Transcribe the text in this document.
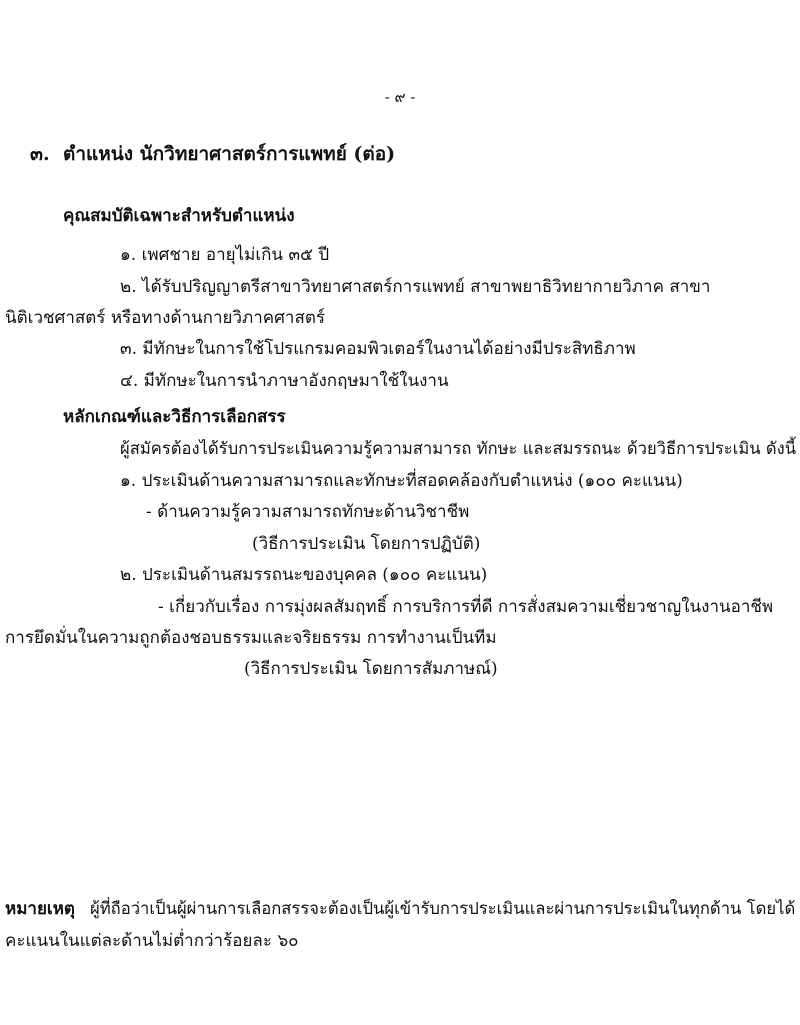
- ๙ -
๓. ตำแหน่ง นักวิทยาศาสตร์การแพทย์ (ต่อ)
คุณสมบัติเฉพาะสำหรับตำแหน่ง
๑. เพศชาย อายุไม่เกิน ๓๕ ปี
๒. ได้รับปริญญาตรีสาขาวิทยาศาสตร์การแพทย์ สาขาพยาธิวิทยากายวิภาค สาขา
นิติเวชศาสตร์ หรือทางด้านกายวิภาคศาสตร์
๓. มีทักษะในการใช้โปรแกรมคอมพิวเตอร์ในงานได้อย่างมีประสิทธิภาพ
๔. มีทักษะในการนำภาษาอังกฤษมาใช้ในงาน
หลักเกณฑ์และวิธีการเลือกสรร
ผู้สมัครต้องได้รับการประเมินความรู้ความสามารถ ทักษะ และสมรรถนะ ด้วยวิธีการประเมิน ดังนี้
๑. ประเมินด้านความสามารถและทักษะที่สอดคล้องกับตำแหน่ง (๑๐๐ คะแนน)
- ด้านความรู้ความสามารถทักษะด้านวิชาชีพ
(วิธีการประเมิน โดยการปฏิบัติ)
๒. ประเมินด้านสมรรถนะของบุคคล (๑๐๐ คะแนน)
- เกี่ยวกับเรื่อง การมุ่งผลสัมฤทธิ์ การบริการที่ดี การสั่งสมความเชี่ยวชาญในงานอาชีพ
การยึดมั่นในความถูกต้องชอบธรรมและจริยธรรม การทำงานเป็นทีม
(วิธีการประเมิน โดยการสัมภาษณ์)
หมายเหตุ ผู้ที่ถือว่าเป็นผู้ผ่านการเลือกสรรจะต้องเป็นผู้เข้ารับการประเมินและผ่านการประเมินในทุกด้าน โดยได้
คะแนนในแต่ละด้านไม่ต่ำกว่าร้อยละ ๖๐
